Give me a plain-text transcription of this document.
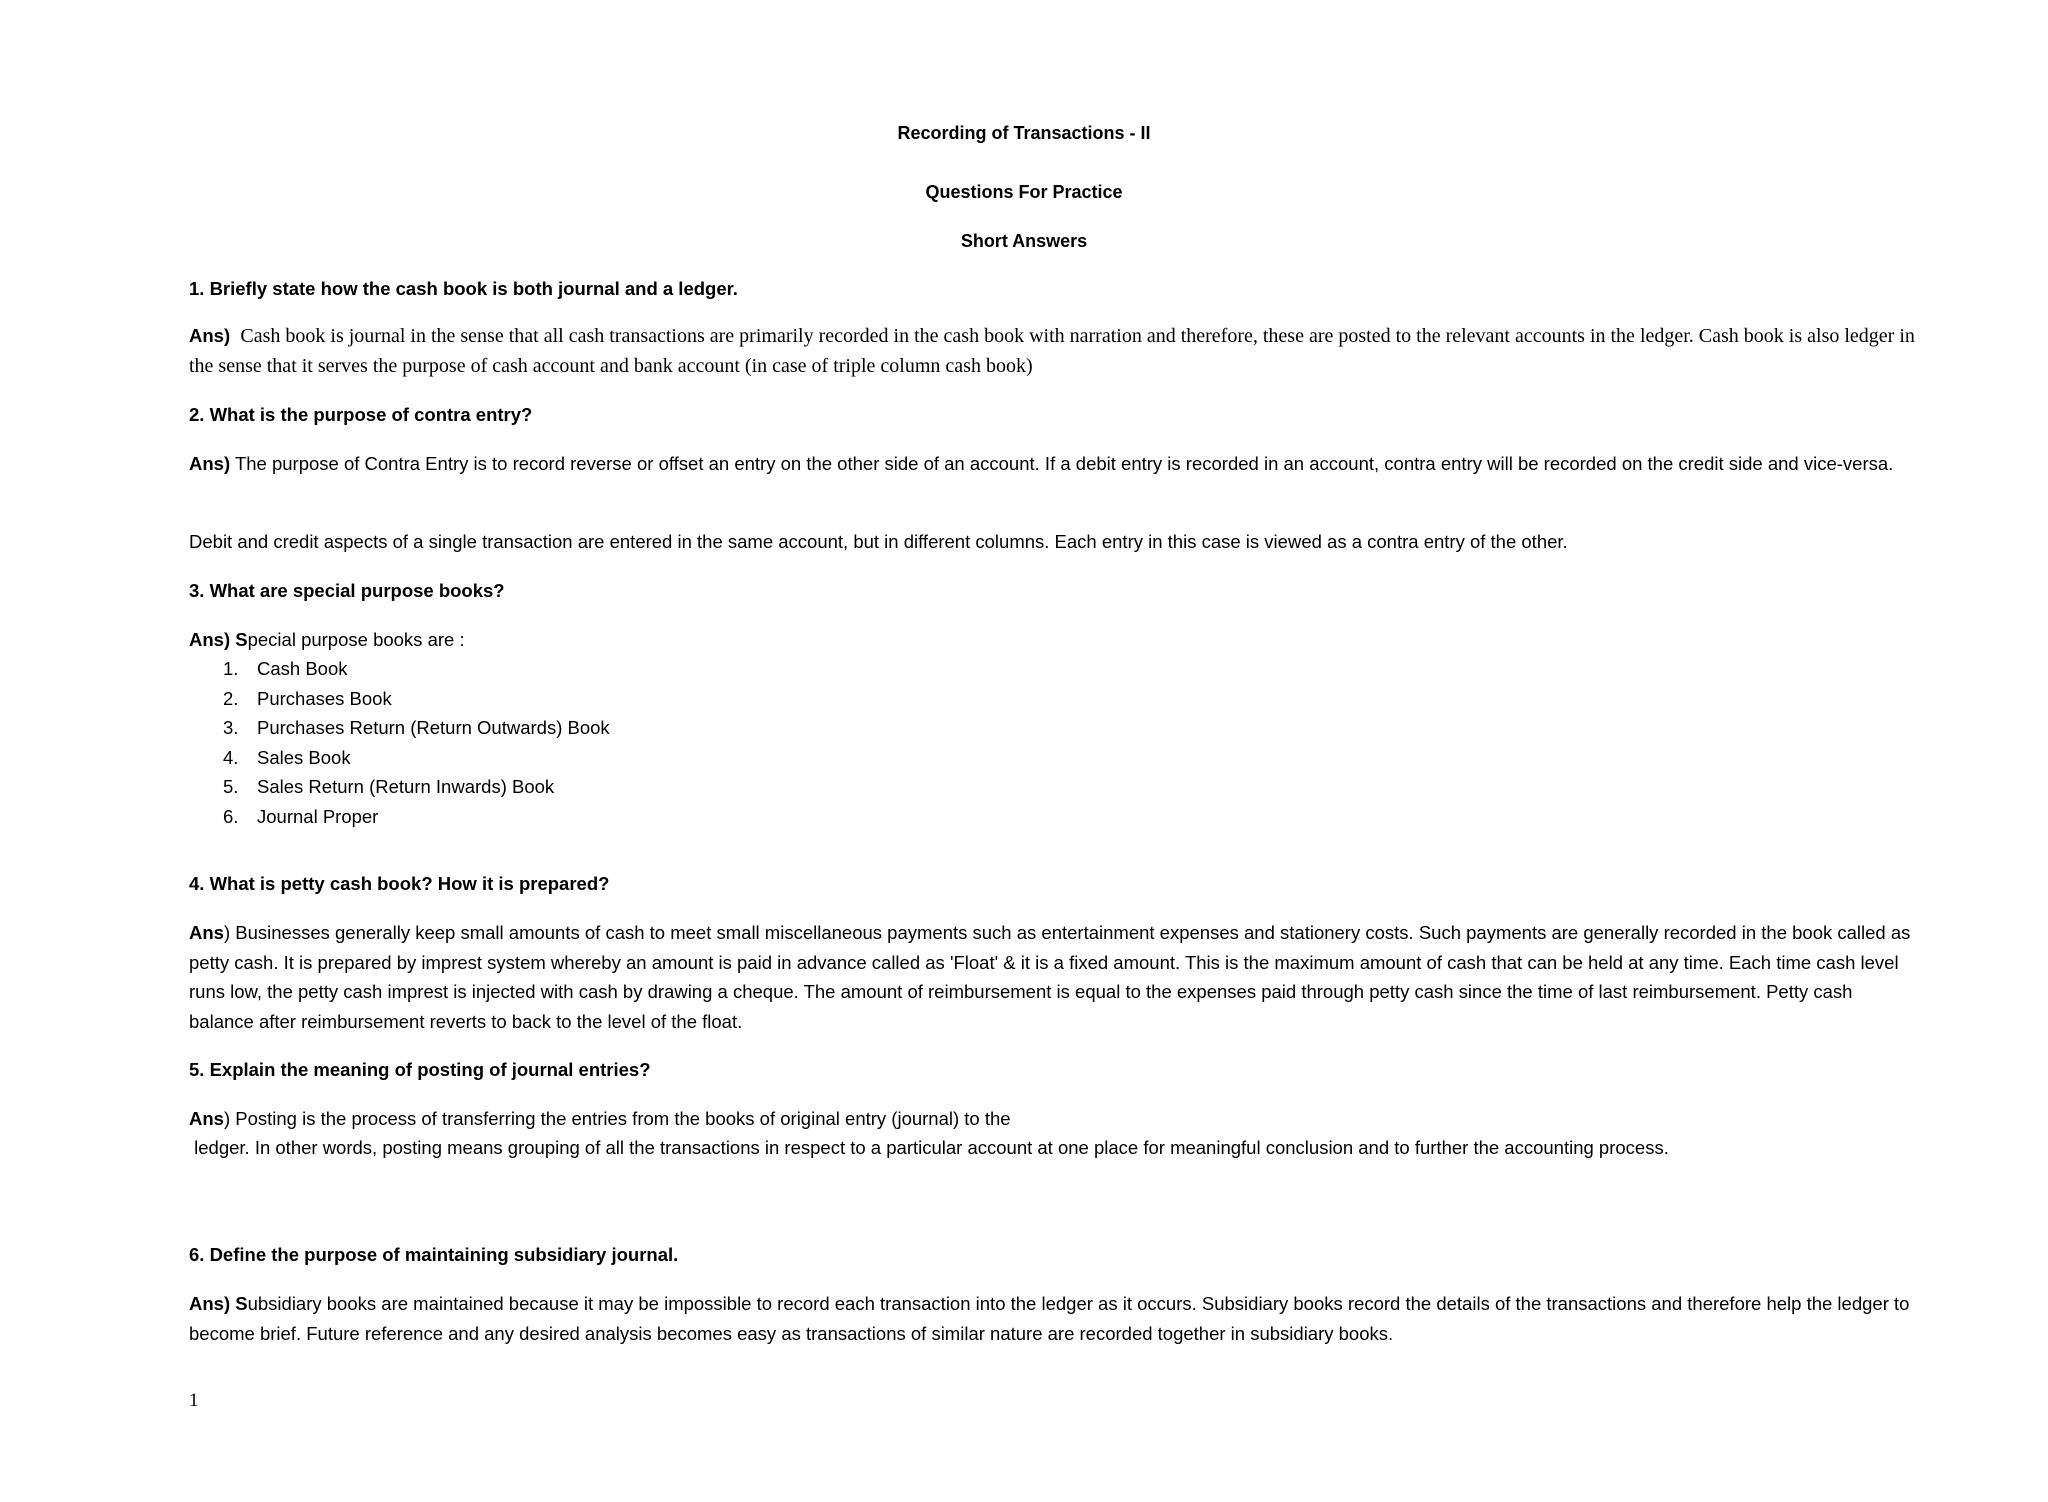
Recording of Transactions - II
Questions For Practice
Short Answers
1. Briefly state how the cash book is both journal and a ledger.
Ans) Cash book is journal in the sense that all cash transactions are primarily recorded in the cash book with narration and therefore, these are posted to the relevant accounts in the ledger. Cash book is also ledger in the sense that it serves the purpose of cash account and bank account (in case of triple column cash book)
2. What is the purpose of contra entry?
Ans) The purpose of Contra Entry is to record reverse or offset an entry on the other side of an account. If a debit entry is recorded in an account, contra entry will be recorded on the credit side and vice-versa.
Debit and credit aspects of a single transaction are entered in the same account, but in different columns. Each entry in this case is viewed as a contra entry of the other.
3. What are special purpose books?
Ans) Special purpose books are :
1. Cash Book
2. Purchases Book
3. Purchases Return (Return Outwards) Book
4. Sales Book
5. Sales Return (Return Inwards) Book
6. Journal Proper
4. What is petty cash book? How it is prepared?
Ans) Businesses generally keep small amounts of cash to meet small miscellaneous payments such as entertainment expenses and stationery costs. Such payments are generally recorded in the book called as petty cash. It is prepared by imprest system whereby an amount is paid in advance called as 'Float' & it is a fixed amount. This is the maximum amount of cash that can be held at any time. Each time cash level runs low, the petty cash imprest is injected with cash by drawing a cheque. The amount of reimbursement is equal to the expenses paid through petty cash since the time of last reimbursement. Petty cash balance after reimbursement reverts to back to the level of the float.
5. Explain the meaning of posting of journal entries?
Ans) Posting is the process of transferring the entries from the books of original entry (journal) to the
ledger. In other words, posting means grouping of all the transactions in respect to a particular account at one place for meaningful conclusion and to further the accounting process.
6. Define the purpose of maintaining subsidiary journal.
Ans) Subsidiary books are maintained because it may be impossible to record each transaction into the ledger as it occurs. Subsidiary books record the details of the transactions and therefore help the ledger to become brief. Future reference and any desired analysis becomes easy as transactions of similar nature are recorded together in subsidiary books.
1
